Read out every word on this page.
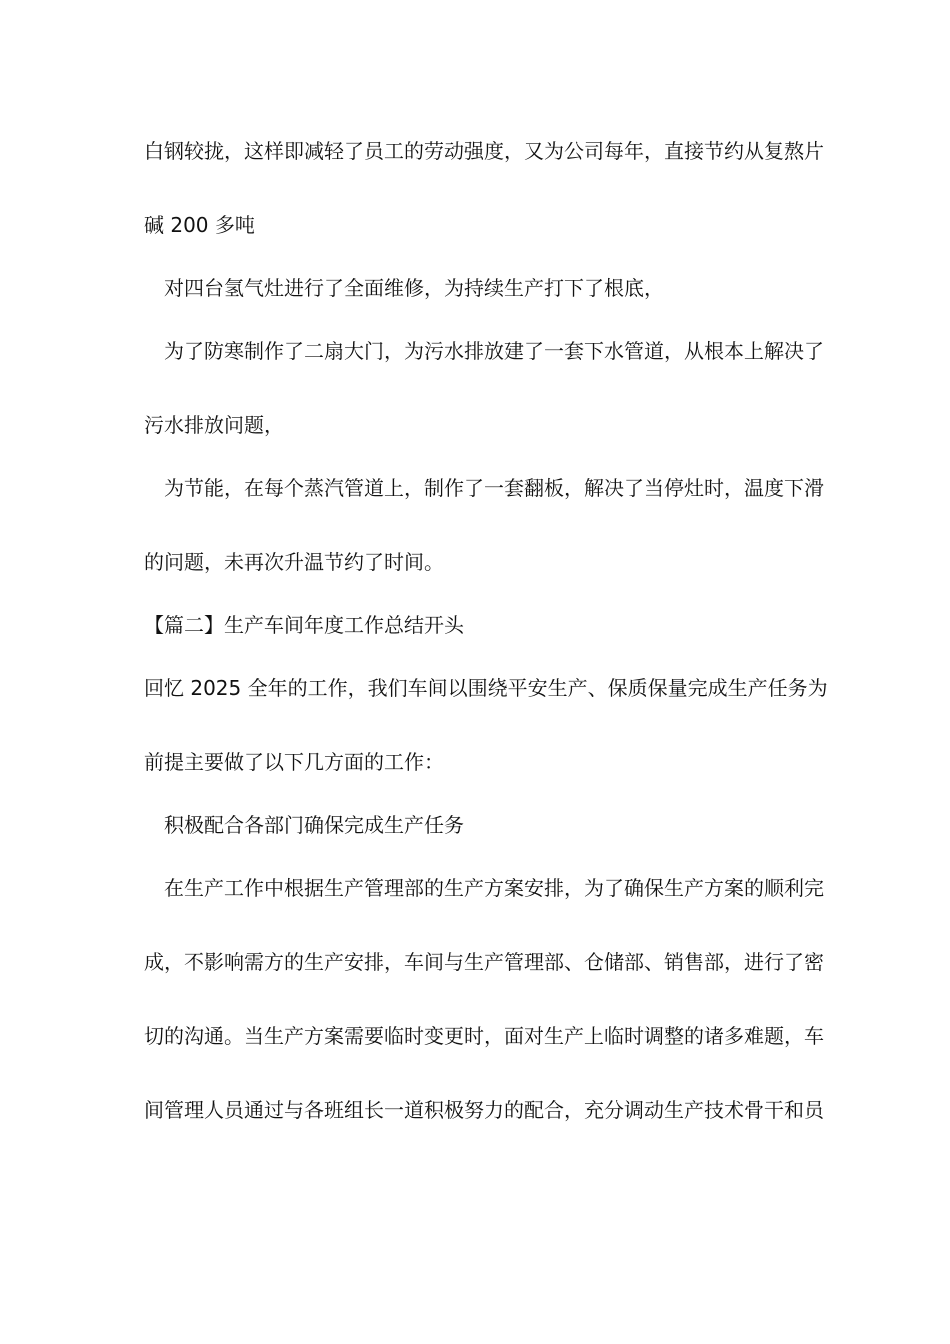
白钢较拢，这样即减轻了员工的劳动强度，又为公司每年，直接节约从复熬片
碱 200 多吨
　对四台氢气灶进行了全面维修，为持续生产打下了根底，
　为了防寒制作了二扇大门，为污水排放建了一套下水管道，从根本上解决了
污水排放问题，
　为节能，在每个蒸汽管道上，制作了一套翻板，解决了当停灶时，温度下滑
的问题，未再次升温节约了时间。
【篇二】生产车间年度工作总结开头
回忆 2025 全年的工作，我们车间以围绕平安生产、保质保量完成生产任务为
前提主要做了以下几方面的工作：
　积极配合各部门确保完成生产任务
　在生产工作中根据生产管理部的生产方案安排，为了确保生产方案的顺利完
成，不影响需方的生产安排，车间与生产管理部、仓储部、销售部，进行了密
切的沟通。当生产方案需要临时变更时，面对生产上临时调整的诸多难题，车
间管理人员通过与各班组长一道积极努力的配合，充分调动生产技术骨干和员
